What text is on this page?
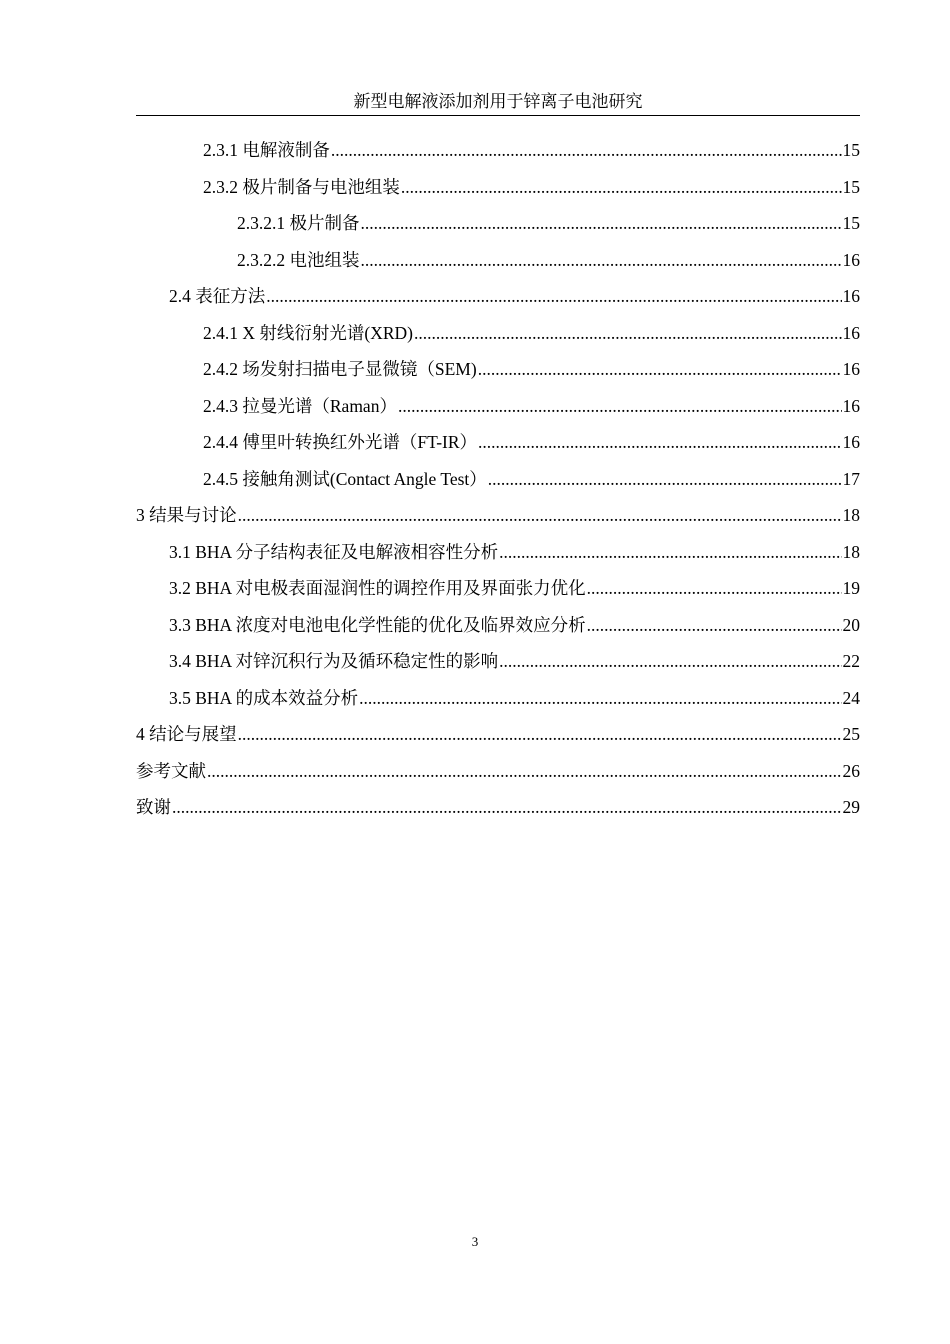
新型电解液添加剂用于锌离子电池研究
2.3.1 电解液制备 .....	15
2.3.2 极片制备与电池组装 .....	15
2.3.2.1 极片制备 .....	15
2.3.2.2 电池组装 .....	16
2.4 表征方法 .....	16
2.4.1 X 射线衍射光谱(XRD) .....	16
2.4.2 场发射扫描电子显微镜（SEM) .....	16
2.4.3 拉曼光谱（Raman） .....	16
2.4.4 傅里叶转换红外光谱（FT-IR） .....	16
2.4.5 接触角测试(Contact Angle Test） .....	17
3 结果与讨论 .....	18
3.1 BHA 分子结构表征及电解液相容性分析 .....	18
3.2 BHA 对电极表面湿润性的调控作用及界面张力优化 .....	19
3.3 BHA 浓度对电池电化学性能的优化及临界效应分析 .....	20
3.4 BHA 对锌沉积行为及循环稳定性的影响 .....	22
3.5 BHA 的成本效益分析 .....	24
4 结论与展望 .....	25
参考文献 .....	26
致谢 .....	29
3
